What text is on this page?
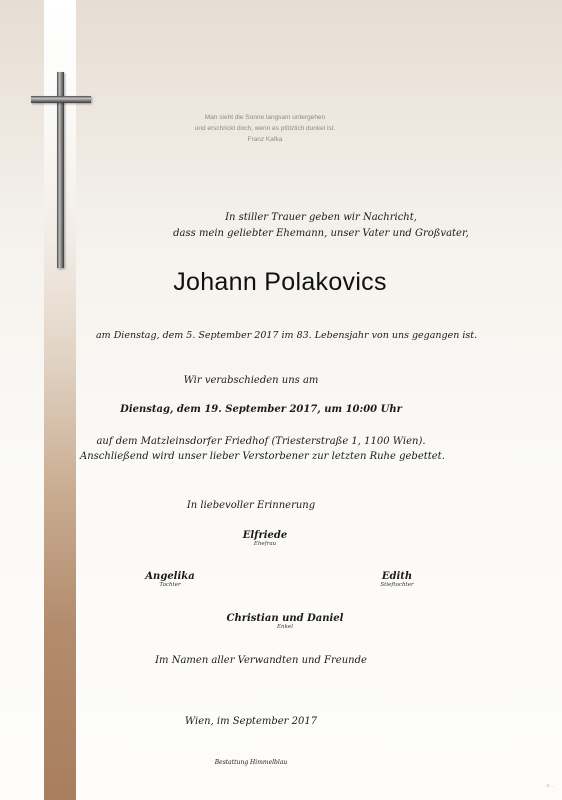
Man sieht die Sonne langsam untergehen
und erschrickt doch, wenn es plötzlich dunkel ist.
Franz Kafka
In stiller Trauer geben wir Nachricht,
dass mein geliebter Ehemann, unser Vater und Großvater,
Johann Polakovics
am Dienstag, dem 5. September 2017 im 83. Lebensjahr von uns gegangen ist.
Wir verabschieden uns am
Dienstag, dem 19. September 2017, um 10:00 Uhr
auf dem Matzleinsdorfer Friedhof (Triesterstraße 1, 1100 Wien).
Anschließend wird unser lieber Verstorbener zur letzten Ruhe gebettet.
In liebevoller Erinnerung
Elfriede
Ehefrau
Angelika
Tochter
Edith
Stieftochter
Christian und Daniel
Enkel
Im Namen aller Verwandten und Freunde
Wien, im September 2017
Bestattung Himmelblau
© ...
